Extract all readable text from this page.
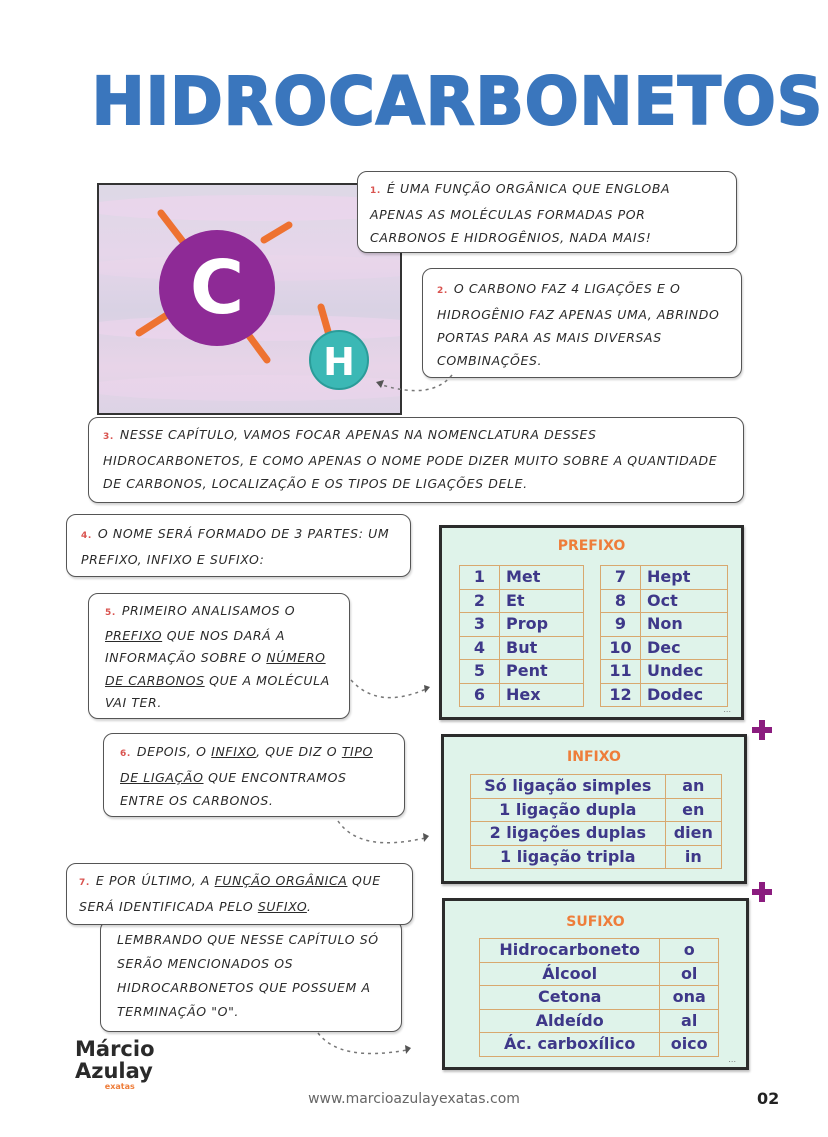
HIDROCARBONETOS
C
H
1. É UMA FUNÇÃO ORGÂNICA QUE ENGLOBA APENAS AS MOLÉCULAS FORMADAS POR CARBONOS E HIDROGÊNIOS, NADA MAIS!
2. O CARBONO FAZ 4 LIGAÇÕES E O HIDROGÊNIO FAZ APENAS UMA, ABRINDO PORTAS PARA AS MAIS DIVERSAS COMBINAÇÕES.
3. NESSE CAPÍTULO, VAMOS FOCAR APENAS NA NOMENCLATURA DESSES HIDROCARBONETOS, E COMO APENAS O NOME PODE DIZER MUITO SOBRE A QUANTIDADE DE CARBONOS, LOCALIZAÇÃO E OS TIPOS DE LIGAÇÕES DELE.
4. O NOME SERÁ FORMADO DE 3 PARTES: UM PREFIXO, INFIXO E SUFIXO:
5. PRIMEIRO ANALISAMOS O PREFIXO QUE NOS DARÁ A INFORMAÇÃO SOBRE O NÚMERO DE CARBONOS QUE A MOLÉCULA VAI TER.
PREFIXO
1	Met
2	Et
3	Prop
4	But
5	Pent
6	Hex
7	Hept
8	Oct
9	Non
10	Dec
11	Undec
12	Dodec
...
6. DEPOIS, O INFIXO, QUE DIZ O TIPO DE LIGAÇÃO QUE ENCONTRAMOS ENTRE OS CARBONOS.
INFIXO
Só ligação simples	an
1 ligação dupla	en
2 ligações duplas	dien
1 ligação tripla	in
7. E POR ÚLTIMO, A FUNÇÃO ORGÂNICA QUE SERÁ IDENTIFICADA PELO SUFIXO.
LEMBRANDO QUE NESSE CAPÍTULO SÓ SERÃO MENCIONADOS OS HIDROCARBONETOS QUE POSSUEM A TERMINAÇÃO "O".
SUFIXO
Hidrocarboneto	o
Álcool	ol
Cetona	ona
Aldeído	al
Ác. carboxílico	oico
...
Márcio
Azulay
exatas
www.marcioazulayexatas.com	02
